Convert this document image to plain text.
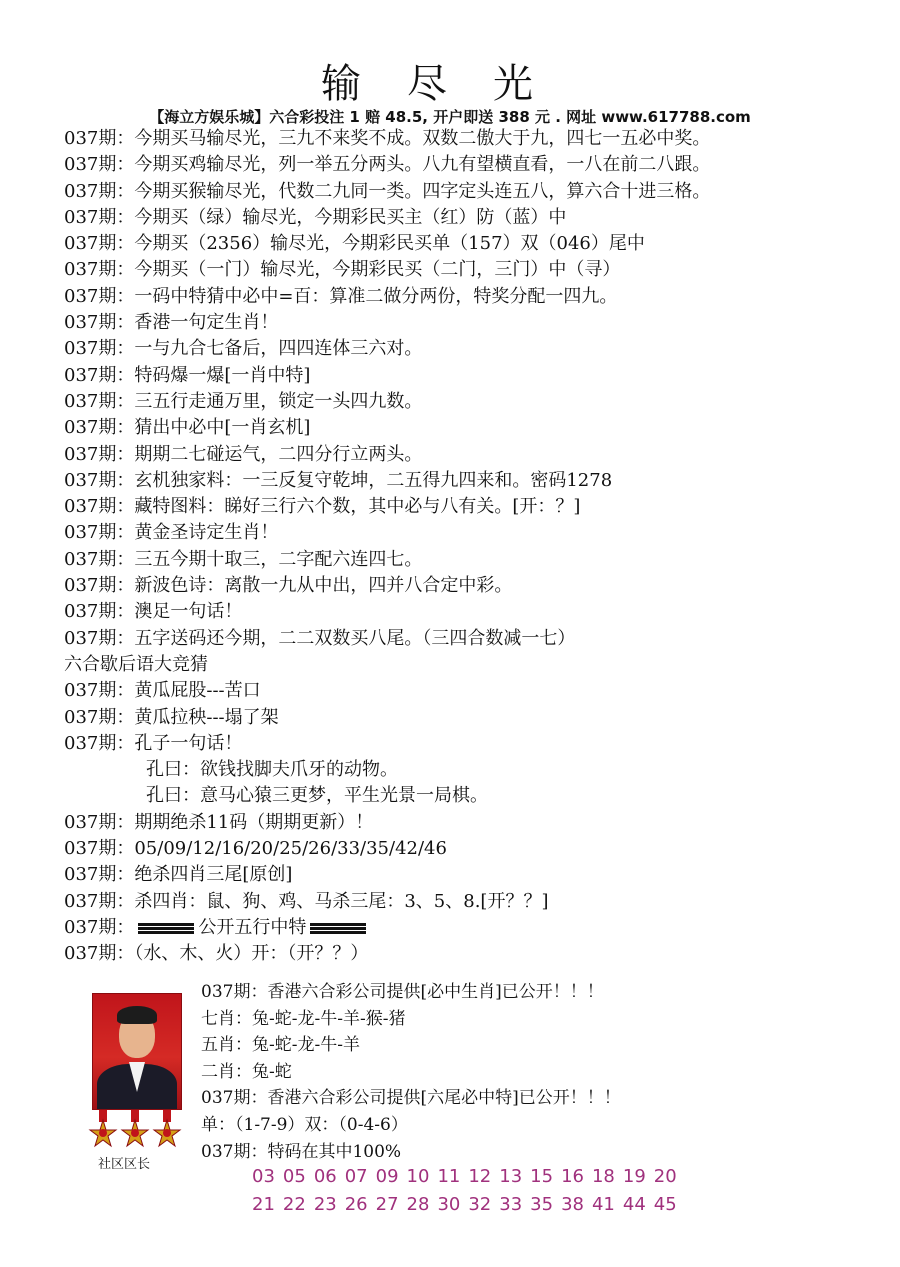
输尽光
【海立方娱乐城】六合彩投注 1 赔 48.5, 开户即送 388 元 . 网址 www.617788.com
037期：今期买马输尽光，三九不来奖不成。双数二傲大于九，四七一五必中奖。
037期：今期买鸡输尽光，列一举五分两头。八九有望横直看，一八在前二八跟。
037期：今期买猴输尽光，代数二九同一类。四字定头连五八，算六合十进三格。
037期：今期买（绿）输尽光，今期彩民买主（红）防（蓝）中
037期：今期买（2356）输尽光，今期彩民买单（157）双（046）尾中
037期：今期买（一门）输尽光，今期彩民买（二门，三门）中（寻）
037期：一码中特猜中必中=百：算准二做分两份，特奖分配一四九。
037期：香港一句定生肖！
037期：一与九合七备后，四四连体三六对。
037期：特码爆一爆[一肖中特]
037期：三五行走通万里，锁定一头四九数。
037期：猜出中必中[一肖玄机]
037期：期期二七碰运气，二四分行立两头。
037期：玄机独家料：一三反复守乾坤，二五得九四来和。密码1278
037期：藏特图料：睇好三行六个数，其中必与八有关。[开：？]
037期：黄金圣诗定生肖！
037期：三五今期十取三，二字配六连四七。
037期：新波色诗：离散一九从中出，四并八合定中彩。
037期：澳足一句话！
037期：五字送码还今期，二二双数买八尾。（三四合数减一七）
六合歇后语大竞猜
037期：黄瓜屁股---苦口
037期：黄瓜拉秧---塌了架
037期：孔子一句话！
孔曰：欲钱找脚夫爪牙的动物。
孔曰：意马心猿三更梦，平生光景一局棋。
037期：期期绝杀11码（期期更新）！
037期：05/09/12/16/20/25/26/33/35/42/46
037期：绝杀四肖三尾[原创]
037期：杀四肖：鼠、狗、鸡、马杀三尾：3、5、8.[开？？]
037期：	公开五行中特
037期：（水、木、火）开：（开？？）
社区区长
037期：香港六合彩公司提供[必中生肖]已公开！！！
七肖：兔-蛇-龙-牛-羊-猴-猪
五肖：兔-蛇-龙-牛-羊
二肖：兔-蛇
037期：香港六合彩公司提供[六尾必中特]已公开！！！
单：（1-7-9）双：（0-4-6）
037期：特码在其中100%
03 05 06 07 09 10 11 12 13 15 16 18 19 20
21 22 23 26 27 28 30 32 33 35 38 41 44 45
